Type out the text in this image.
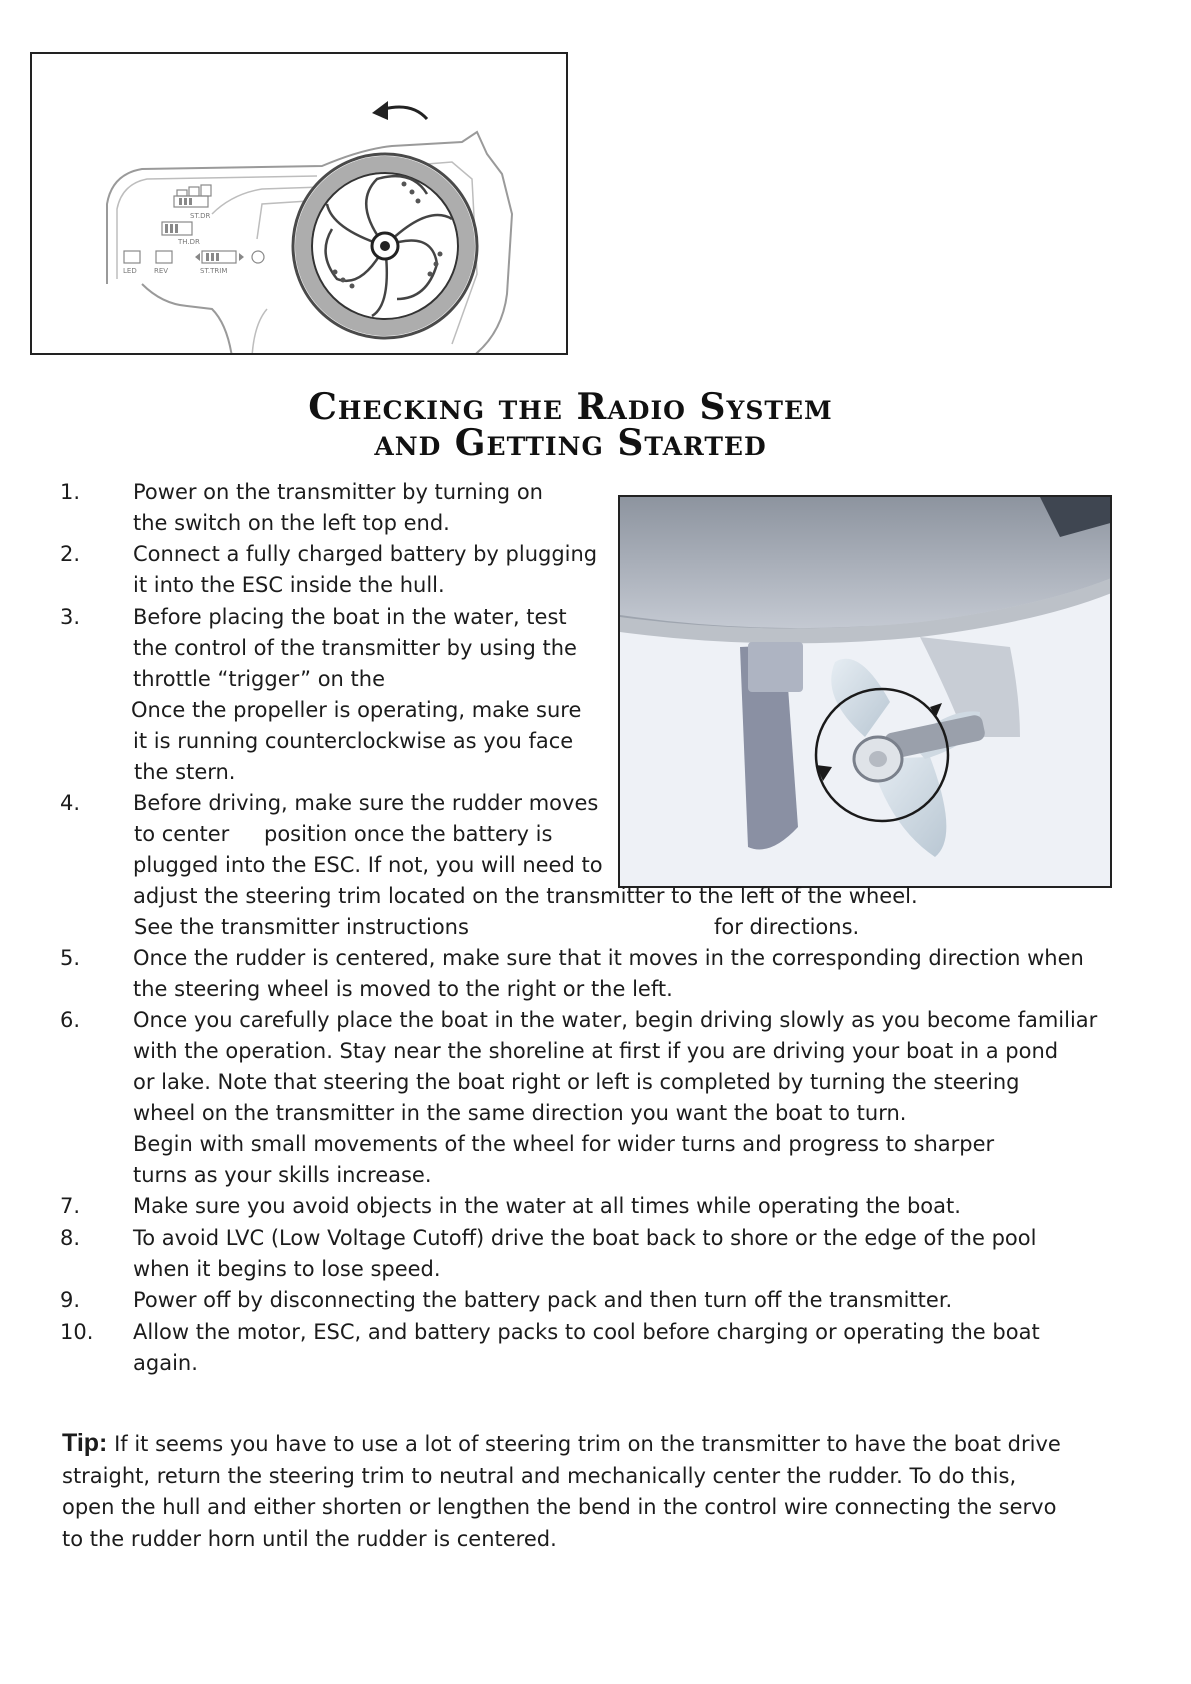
ST.DR
TH.DR
LED REV	ST.TRIM
Checking the Radio System
and Getting Started
1.	Power on the transmitter by turning on
the switch on the left top end.
2.	Connect a fully charged battery by plugging
it into the ESC inside the hull.
3.	Before placing the boat in the water, test
the control of the transmitter by using the
throttle “trigger” on the
Once the propeller is operating, make sure
it is running counterclockwise as you face
the stern.
4.	Before driving, make sure the rudder moves
to center position once the battery is
plugged into the ESC. If not, you will need to
adjust the steering trim located on the transmitter to the left of the wheel.
See the transmitter instructions	for directions.
5.	Once the rudder is centered, make sure that it moves in the corresponding direction when
the steering wheel is moved to the right or the left.
6.	Once you carefully place the boat in the water, begin driving slowly as you become familiar
with the operation. Stay near the shoreline at first if you are driving your boat in a pond
or lake. Note that steering the boat right or left is completed by turning the steering
wheel on the transmitter in the same direction you want the boat to turn.
Begin with small movements of the wheel for wider turns and progress to sharper
turns as your skills increase.
7.	Make sure you avoid objects in the water at all times while operating the boat.
8.	To avoid LVC (Low Voltage Cutoff) drive the boat back to shore or the edge of the pool
when it begins to lose speed.
9.	Power off by disconnecting the battery pack and then turn off the transmitter.
10. Allow the motor, ESC, and battery packs to cool before charging or operating the boat
again.
Tip: If it seems you have to use a lot of steering trim on the transmitter to have the boat drive
straight, return the steering trim to neutral and mechanically center the rudder. To do this,
open the hull and either shorten or lengthen the bend in the control wire connecting the servo
to the rudder horn until the rudder is centered.
